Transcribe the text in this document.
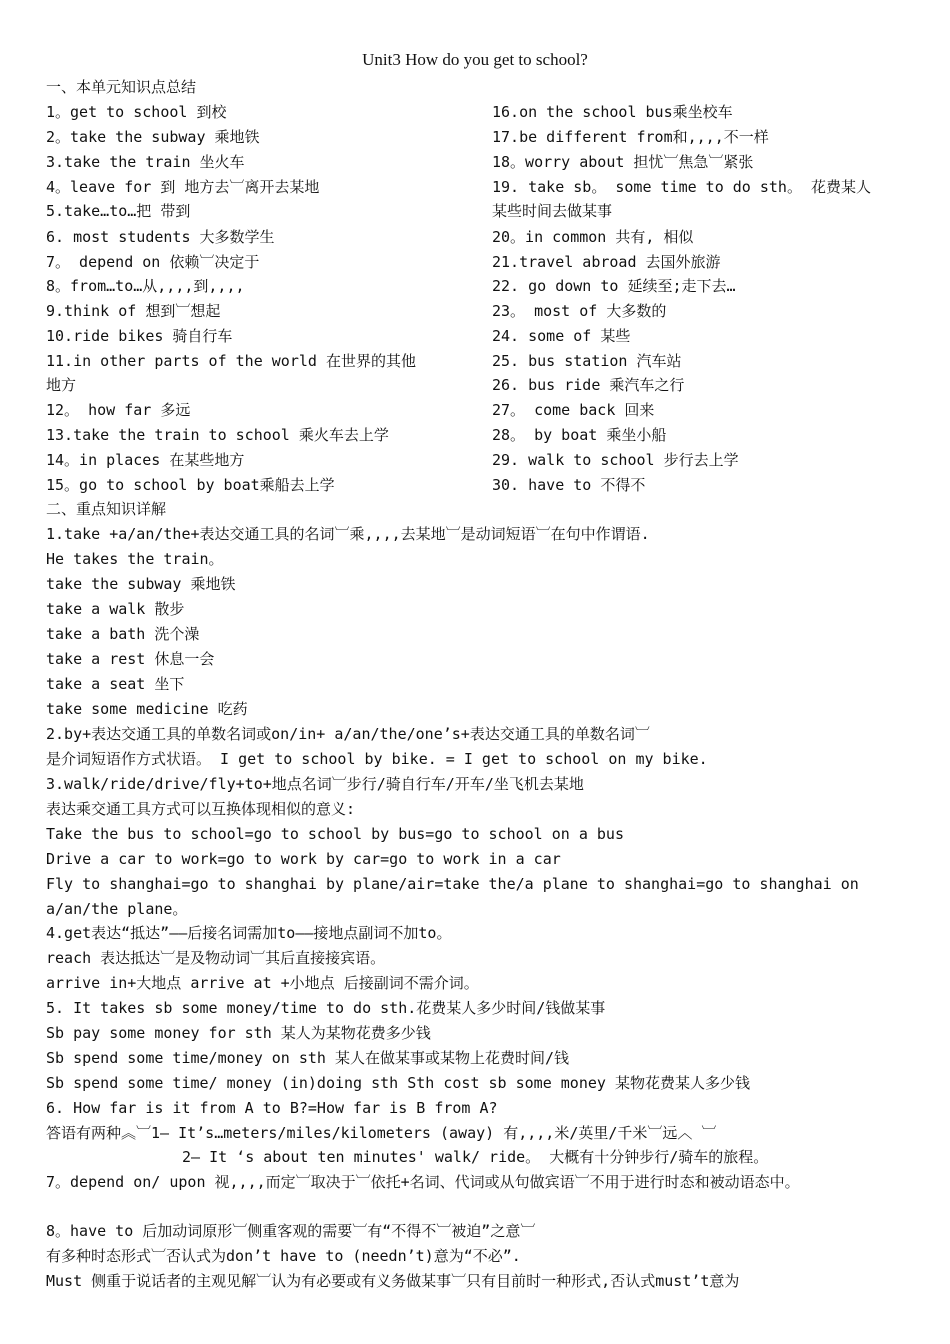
Unit3 How do you get to school?
一、本单元知识点总结
1。get to school 到校
2。take the subway 乘地铁
3.take the train 坐火车
4。leave for 到 地方去︺离开去某地
5.take…to…把 带到
6. most students 大多数学生
7。 depend on 依赖︺决定于
8。from…to…从,,,,到,,,,
9.think of 想到︺想起
10.ride bikes 骑自行车
11.in other parts of the world 在世界的其他
地方
12。 how far 多远
13.take the train to school 乘火车去上学
14。in places 在某些地方
15。go to school by boat乘船去上学
16.on the school bus乘坐校车
17.be different from和,,,,不一样
18。worry about 担忧︺焦急︺紧张
19. take sb。 some time to do sth。 花费某人
某些时间去做某事
20。in common 共有, 相似
21.travel abroad 去国外旅游
22. go down to 延续至;走下去…
23。 most of 大多数的
24. some of 某些
25. bus station 汽车站
26. bus ride 乘汽车之行
27。 come back 回来
28。 by boat 乘坐小船
29. walk to school 步行去上学
30. have to 不得不
二、重点知识详解
1.take +a/an/the+表达交通工具的名词︺乘,,,,去某地︺是动词短语︺在句中作谓语.
He takes the train。
take the subway 乘地铁
take a walk 散步
take a bath 洗个澡
take a rest 休息一会
take a seat 坐下
take some medicine 吃药
2.by+表达交通工具的单数名词或on/in+ a/an/the/one’s+表达交通工具的单数名词︺
是介词短语作方式状语。 I get to school by bike. = I get to school on my bike.
3.walk/ride/drive/fly+to+地点名词︺步行/骑自行车/开车/坐飞机去某地
表达乘交通工具方式可以互换体现相似的意义:
Take the bus to school=go to school by bus=go to school on a bus
Drive a car to work=go to work by car=go to work in a car
Fly to shanghai=go to shanghai by plane/air=take the/a plane to shanghai=go to shanghai on
a/an/the plane。
4.get表达“抵达”——后接名词需加to——接地点副词不加to。
reach 表达抵达︺是及物动词︺其后直接接宾语。
arrive in+大地点 arrive at +小地点 后接副词不需介词。
5. It takes sb some money/time to do sth.花费某人多少时间/钱做某事
Sb pay some money for sth 某人为某物花费多少钱
Sb spend some time/money on sth 某人在做某事或某物上花费时间/钱
Sb spend some time/ money (in)doing sth Sth cost sb some money 某物花费某人多少钱
6. How far is it from A to B?=How far is B from A?
答语有两种︽︺1— It’s…meters/miles/kilometers (away) 有,,,,米/英里/千米︺远︿ ︺
2— It ‘s about ten minutes' walk/ ride。 大概有十分钟步行/骑车的旅程。
7。depend on/ upon 视,,,,而定︺取决于︺依托+名词、代词或从句做宾语︺不用于进行时态和被动语态中。
8。have to 后加动词原形︺侧重客观的需要︺有“不得不︺被迫”之意︺
有多种时态形式︺否认式为don’t have to (needn’t)意为“不必”.
Must 侧重于说话者的主观见解︺认为有必要或有义务做某事︺只有目前时一种形式,否认式must’t意为
